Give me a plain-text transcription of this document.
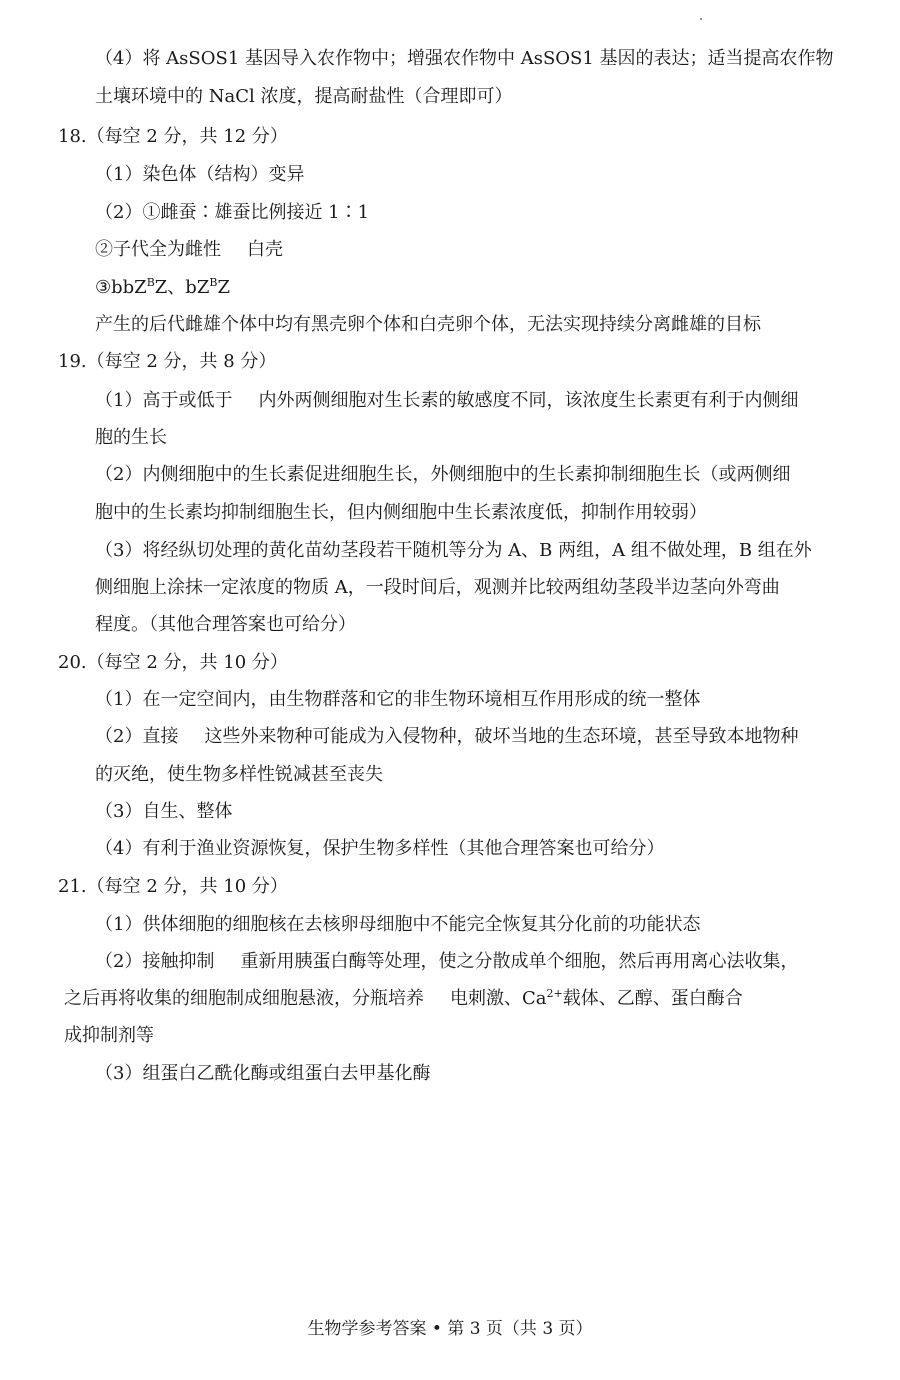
（4）将 AsSOS1 基因导入农作物中；增强农作物中 AsSOS1 基因的表达；适当提高农作物
土壤环境中的 NaCl 浓度，提高耐盐性（合理即可）
18.（每空 2 分，共 12 分）
（1）染色体（结构）变异
（2）①雌蚕∶雄蚕比例接近 1∶1
②子代全为雌性 白壳
③bbZ$^B$Z、$bZ^BZ$
产生的后代雌雄个体中均有黑壳卵个体和白壳卵个体，无法实现持续分离雌雄的目标
19.（每空 2 分，共 8 分）
（1）高于或低于 内外两侧细胞对生长素的敏感度不同，该浓度生长素更有利于内侧细
胞的生长
（2）内侧细胞中的生长素促进细胞生长，外侧细胞中的生长素抑制细胞生长（或两侧细
胞中的生长素均抑制细胞生长，但内侧细胞中生长素浓度低，抑制作用较弱）
（3）将经纵切处理的黄化苗幼茎段若干随机等分为 A、B 两组，A 组不做处理，B 组在外
侧细胞上涂抹一定浓度的物质 A，一段时间后，观测并比较两组幼茎段半边茎向外弯曲
程度。（其他合理答案也可给分）
20.（每空 2 分，共 10 分）
（1）在一定空间内，由生物群落和它的非生物环境相互作用形成的统一整体
（2）直接 这些外来物种可能成为入侵物种，破坏当地的生态环境，甚至导致本地物种
的灭绝，使生物多样性锐减甚至丧失
（3）自生、整体
（4）有利于渔业资源恢复，保护生物多样性（其他合理答案也可给分）
21.（每空 2 分，共 10 分）
（1）供体细胞的细胞核在去核卵母细胞中不能完全恢复其分化前的功能状态
（2）接触抑制 重新用胰蛋白酶等处理，使之分散成单个细胞，然后再用离心法收集，
之后再将收集的细胞制成细胞悬液，分瓶培养 电刺激、$Ca^{2+}$载体、乙醇、蛋白酶合
成抑制剂等
（3）组蛋白乙酰化酶或组蛋白去甲基化酶
生物学参考答案 • 第 3 页（共 3 页）
